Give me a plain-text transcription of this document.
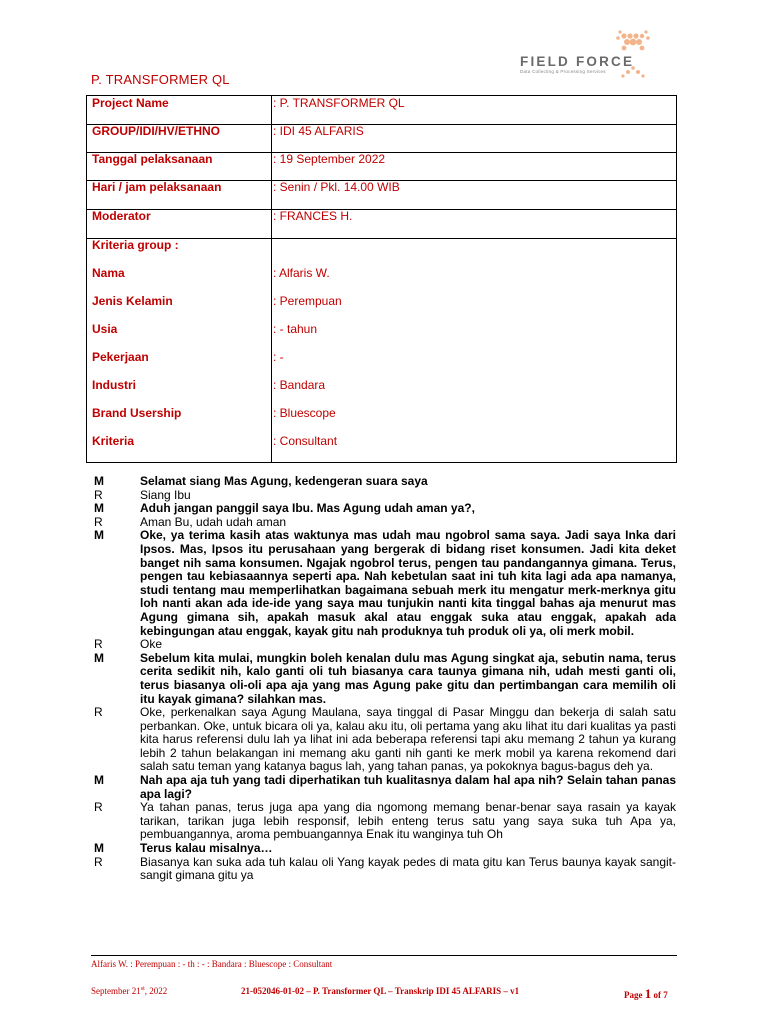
FIELD FORCE
Data Collecting & Processing Services
P. TRANSFORMER QL
Project Name	: P. TRANSFORMER QL
GROUP/IDI/HV/ETHNO	: IDI 45 ALFARIS
Tanggal pelaksanaan	: 19 September 2022
Hari / jam pelaksanaan	: Senin / Pkl. 14.00 WIB
Moderator	: FRANCES H.
Kriteria group :
Nama	: Alfaris W.
Jenis Kelamin	: Perempuan
Usia	: - tahun
Pekerjaan	: -
Industri	: Bandara
Brand Usership	: Bluescope
Kriteria	: Consultant
M	Selamat siang Mas Agung, kedengeran suara saya
R	Siang Ibu
M	Aduh jangan panggil saya Ibu. Mas Agung udah aman ya?,
R	Aman Bu, udah udah aman
M	Oke, ya terima kasih atas waktunya mas udah mau ngobrol sama saya. Jadi saya Inka dari Ipsos. Mas, Ipsos itu perusahaan yang bergerak di bidang riset konsumen. Jadi kita deket banget nih sama konsumen. Ngajak ngobrol terus, pengen tau pandangannya gimana. Terus, pengen tau kebiasaannya seperti apa. Nah kebetulan saat ini tuh kita lagi ada apa namanya, studi tentang mau memperlihatkan bagaimana sebuah merk itu mengatur merk-merknya gitu loh nanti akan ada ide-ide yang saya mau tunjukin nanti kita tinggal bahas aja menurut mas Agung gimana sih, apakah masuk akal atau enggak suka atau enggak, apakah ada kebingungan atau enggak, kayak gitu nah produknya tuh produk oli ya, oli merk mobil.
R	Oke
M	Sebelum kita mulai, mungkin boleh kenalan dulu mas Agung singkat aja, sebutin nama, terus cerita sedikit nih, kalo ganti oli tuh biasanya cara taunya gimana nih, udah mesti ganti oli, terus biasanya oli-oli apa aja yang mas Agung pake gitu dan pertimbangan cara memilih oli itu kayak gimana? silahkan mas.
R	Oke, perkenalkan saya Agung Maulana, saya tinggal di Pasar Minggu dan bekerja di salah satu perbankan. Oke, untuk bicara oli ya, kalau aku itu, oli pertama yang aku lihat itu dari kualitas ya pasti kita harus referensi dulu lah ya lihat ini ada beberapa referensi tapi aku memang 2 tahun ya kurang lebih 2 tahun belakangan ini memang aku ganti nih ganti ke merk mobil ya karena rekomend dari salah satu teman yang katanya bagus lah, yang tahan panas, ya pokoknya bagus-bagus deh ya.
M	Nah apa aja tuh yang tadi diperhatikan tuh kualitasnya dalam hal apa nih? Selain tahan panas apa lagi?
R	Ya tahan panas, terus juga apa yang dia ngomong memang benar-benar saya rasain ya kayak tarikan, tarikan juga lebih responsif, lebih enteng terus satu yang saya suka tuh Apa ya, pembuangannya, aroma pembuangannya Enak itu wanginya tuh Oh
M	Terus kalau misalnya…
R	Biasanya kan suka ada tuh kalau oli Yang kayak pedes di mata gitu kan Terus baunya kayak sangit-sangit gimana gitu ya
Alfaris W. : Perempuan : - th : - : Bandara : Bluescope : Consultant
September 21st, 2022	21-052046-01-02 – P. Transformer QL – Transkrip IDI 45 ALFARIS – v1	Page 1 of 7
